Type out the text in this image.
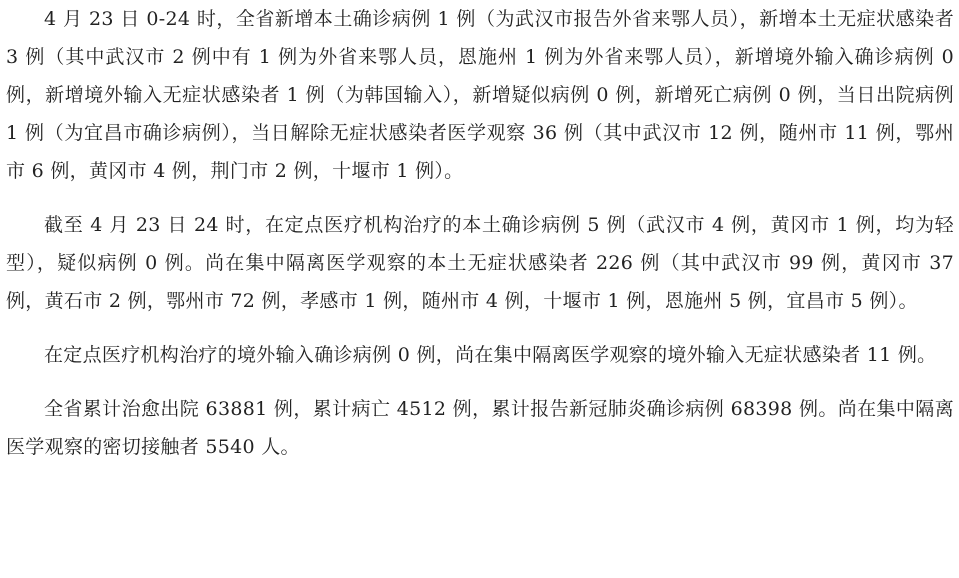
4 月 23 日 0-24 时，全省新增本土确诊病例 1 例（为武汉市报告外省来鄂人员），新增本土无症状感染者 3 例（其中武汉市 2 例中有 1 例为外省来鄂人员，恩施州 1 例为外省来鄂人员），新增境外输入确诊病例 0 例，新增境外输入无症状感染者 1 例（为韩国输入），新增疑似病例 0 例，新增死亡病例 0 例，当日出院病例 1 例（为宜昌市确诊病例），当日解除无症状感染者医学观察 36 例（其中武汉市 12 例，随州市 11 例，鄂州市 6 例，黄冈市 4 例，荆门市 2 例，十堰市 1 例）。

截至 4 月 23 日 24 时，在定点医疗机构治疗的本土确诊病例 5 例（武汉市 4 例，黄冈市 1 例，均为轻型），疑似病例 0 例。尚在集中隔离医学观察的本土无症状感染者 226 例（其中武汉市 99 例，黄冈市 37 例，黄石市 2 例，鄂州市 72 例，孝感市 1 例，随州市 4 例，十堰市 1 例，恩施州 5 例，宜昌市 5 例）。

在定点医疗机构治疗的境外输入确诊病例 0 例，尚在集中隔离医学观察的境外输入无症状感染者 11 例。

全省累计治愈出院 63881 例，累计病亡 4512 例，累计报告新冠肺炎确诊病例 68398 例。尚在集中隔离医学观察的密切接触者 5540 人。
